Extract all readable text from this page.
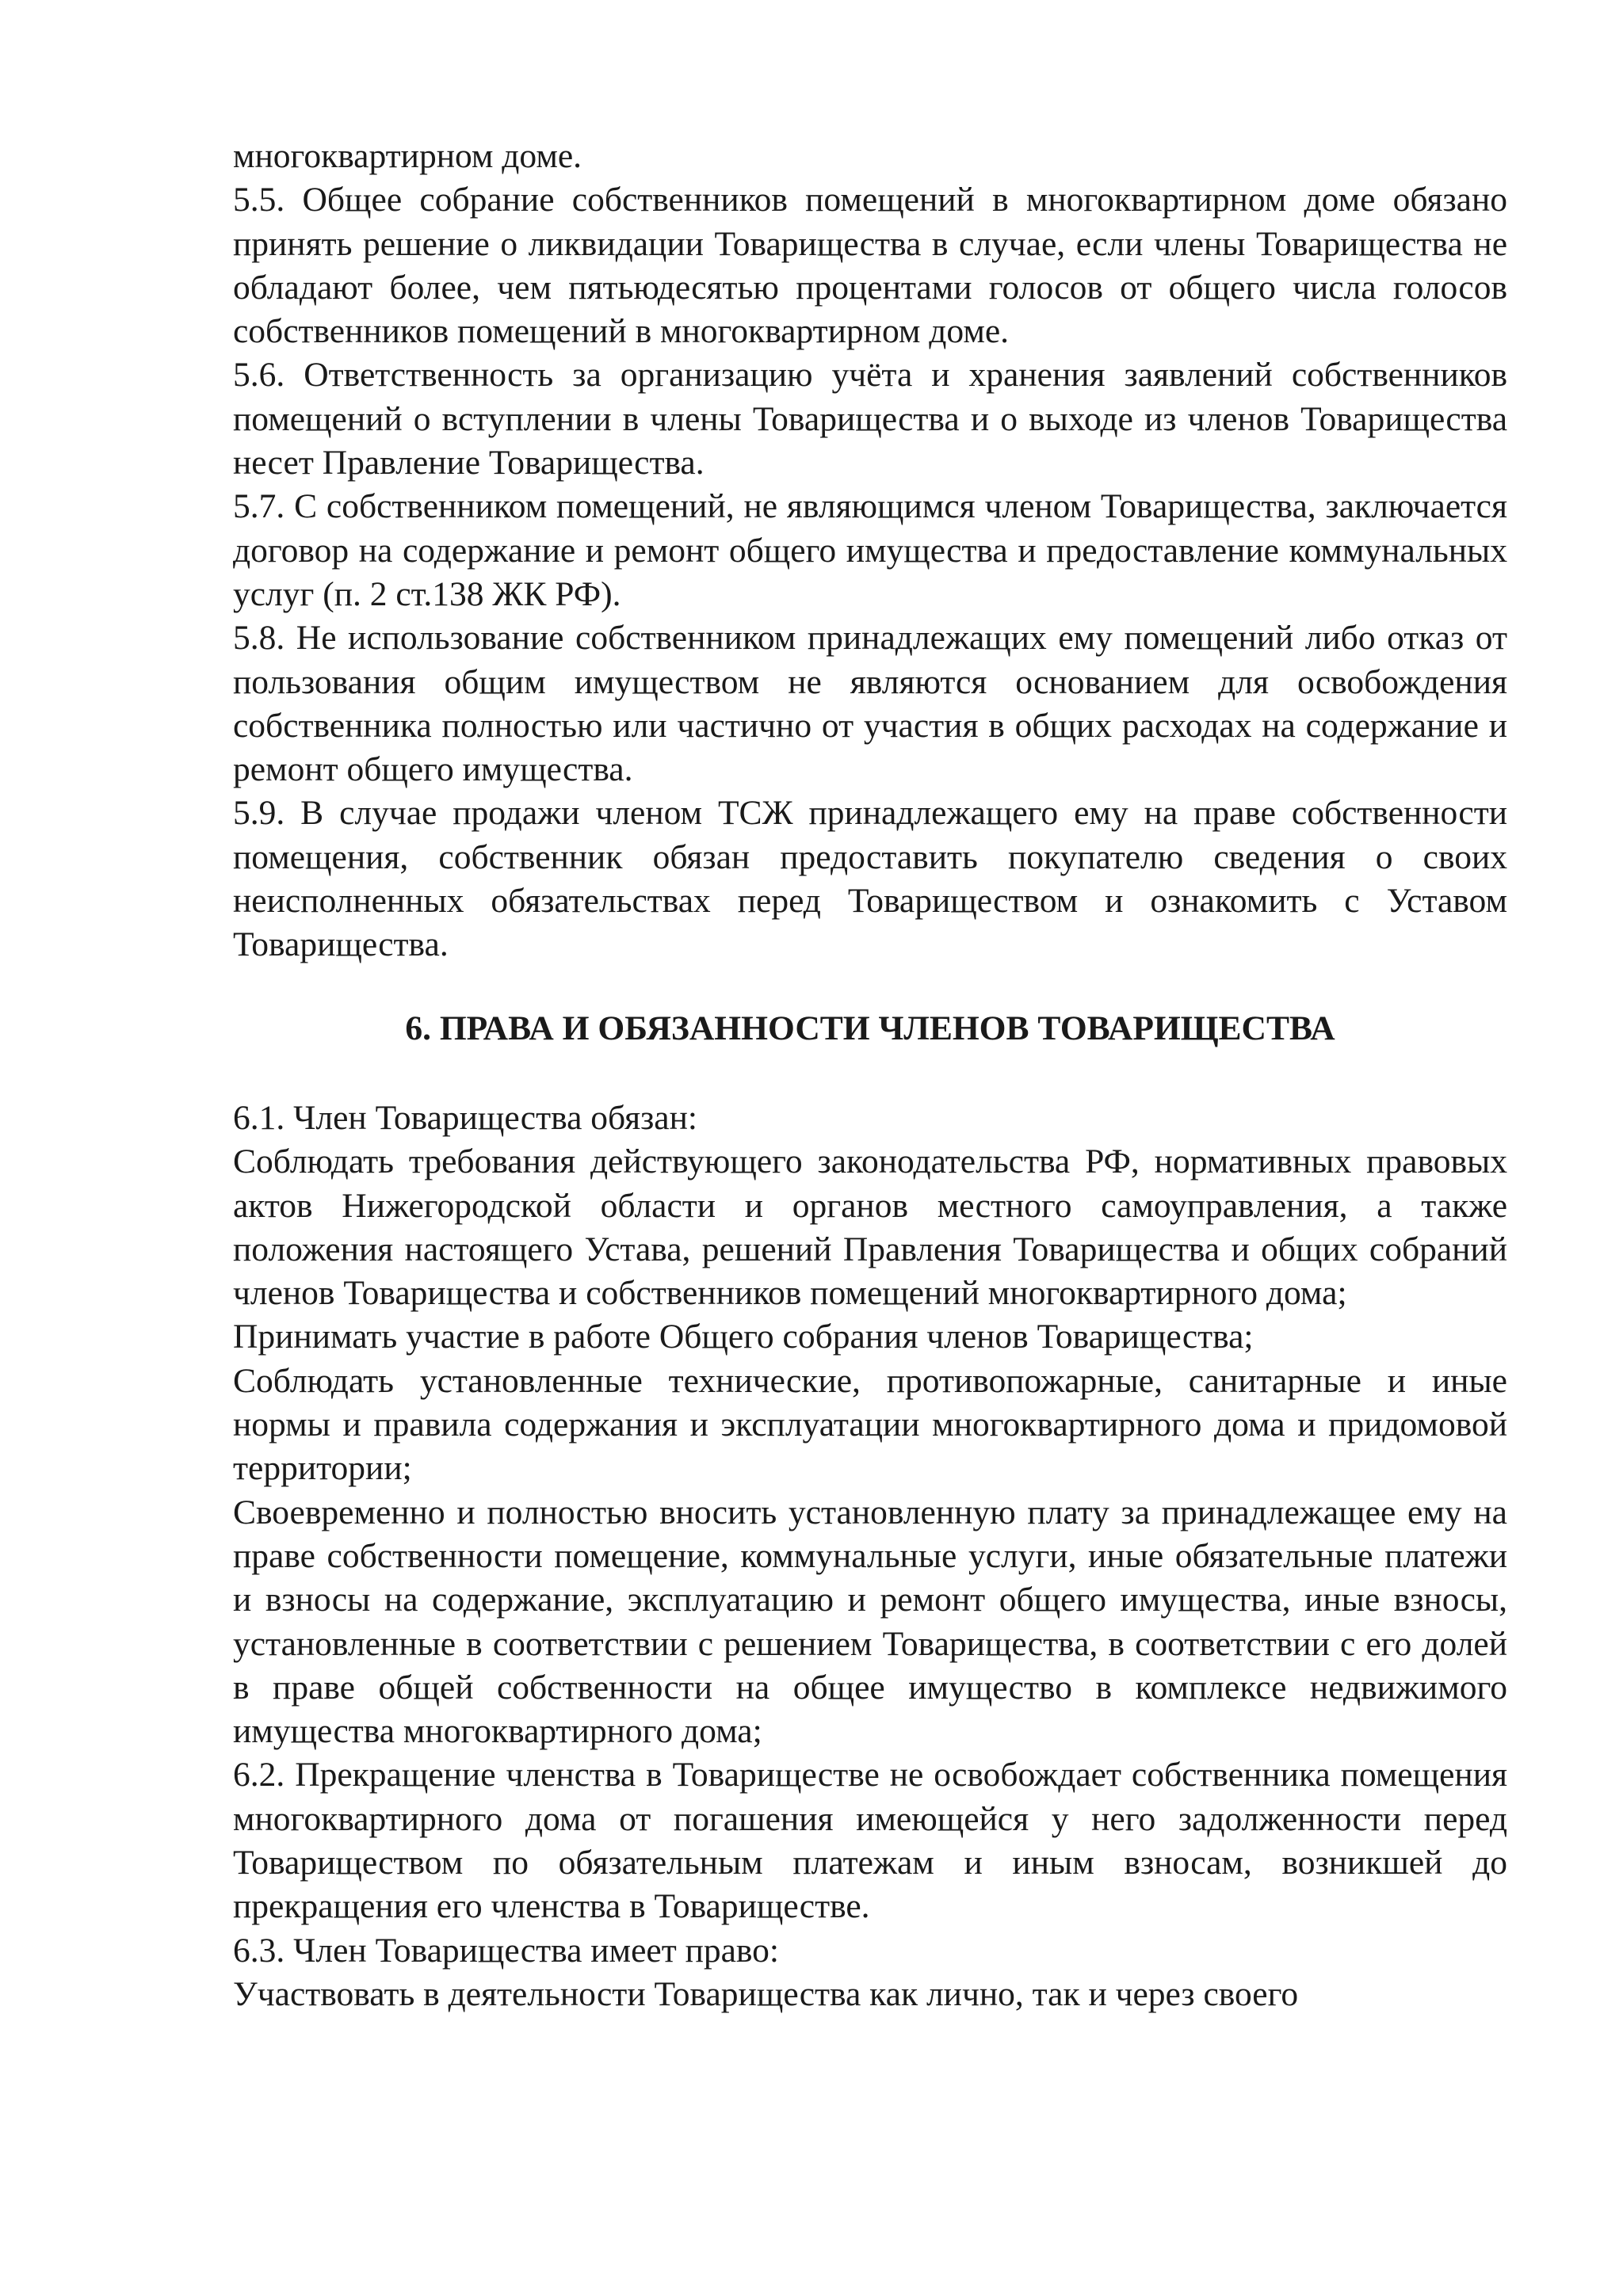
многоквартирном доме.

5.5. Общее собрание собственников помещений в многоквартирном доме обязано принять решение о ликвидации Товарищества в случае, если члены Товарищества не обладают более, чем пятьюдесятью процентами голосов от общего числа голосов собственников помещений в многоквартирном доме.

5.6. Ответственность за организацию учёта и хранения заявлений собственников помещений о вступлении в члены Товарищества и о выходе из членов Товарищества несет Правление Товарищества.

5.7. С собственником помещений, не являющимся членом Товарищества, заключается договор на содержание и ремонт общего имущества и предоставление коммунальных услуг (п. 2 ст.138 ЖК РФ).

5.8. Не использование собственником принадлежащих ему помещений либо отказ от пользования общим имуществом не являются основанием для освобождения собственника полностью или частично от участия в общих расходах на содержание и ремонт общего имущества.

5.9. В случае продажи членом ТСЖ принадлежащего ему на праве собственности помещения, собственник обязан предоставить покупателю сведения о своих неисполненных обязательствах перед Товариществом и ознакомить с Уставом Товарищества.

6. ПРАВА И ОБЯЗАННОСТИ ЧЛЕНОВ ТОВАРИЩЕСТВА

6.1. Член Товарищества обязан:

Соблюдать требования действующего законодательства РФ, нормативных правовых актов Нижегородской области и органов местного самоуправления, а также положения настоящего Устава, решений Правления Товарищества и общих собраний членов Товарищества и собственников помещений многоквартирного дома;

Принимать участие в работе Общего собрания членов Товарищества;

Соблюдать установленные технические, противопожарные, санитарные и иные нормы и правила содержания и эксплуатации многоквартирного дома и придомовой территории;

Своевременно и полностью вносить установленную плату за принадлежащее ему на праве собственности помещение, коммунальные услуги, иные обязательные платежи и взносы на содержание, эксплуатацию и ремонт общего имущества, иные взносы, установленные в соответствии с решением Товарищества, в соответствии с его долей в праве общей собственности на общее имущество в комплексе недвижимого имущества многоквартирного дома;

6.2. Прекращение членства в Товариществе не освобождает собственника помещения многоквартирного дома от погашения имеющейся у него задолженности перед Товариществом по обязательным платежам и иным взносам, возникшей до прекращения его членства в Товариществе.

6.3. Член Товарищества имеет право:

Участвовать в деятельности Товарищества как лично, так и через своего
